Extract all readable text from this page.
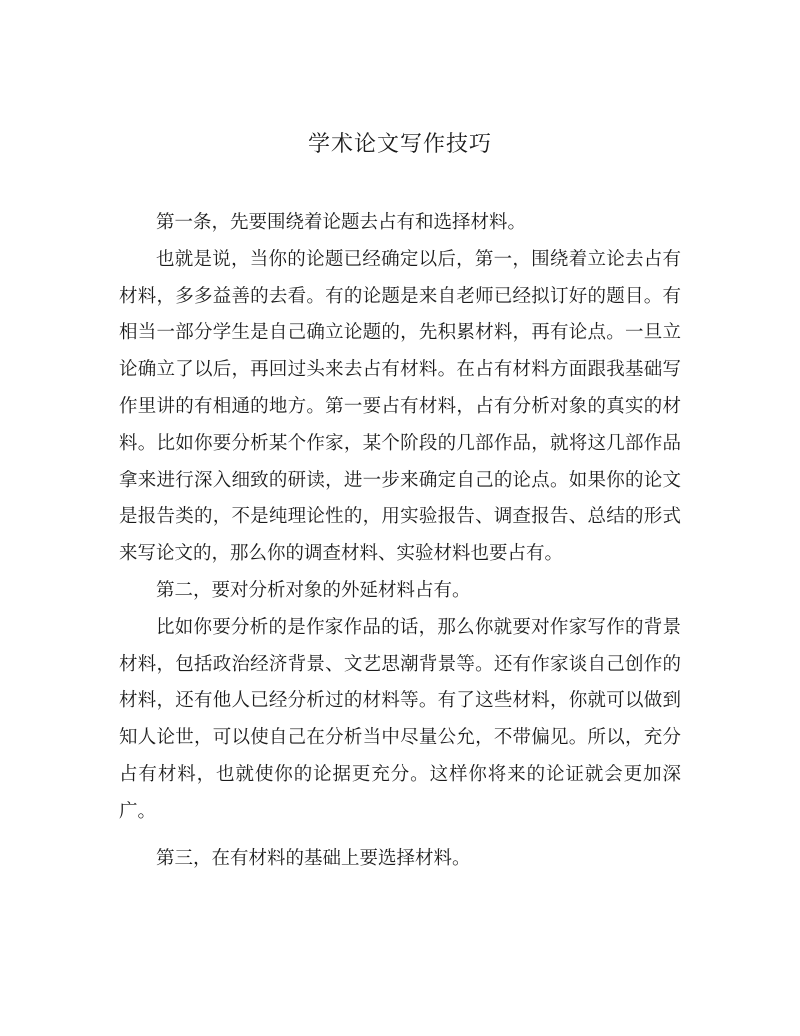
学术论文写作技巧

第一条，先要围绕着论题去占有和选择材料。

也就是说，当你的论题已经确定以后，第一，围绕着立论去占有材料，多多益善的去看。有的论题是来自老师已经拟订好的题目。有相当一部分学生是自己确立论题的，先积累材料，再有论点。一旦立论确立了以后，再回过头来去占有材料。在占有材料方面跟我基础写作里讲的有相通的地方。第一要占有材料，占有分析对象的真实的材料。比如你要分析某个作家，某个阶段的几部作品，就将这几部作品拿来进行深入细致的研读，进一步来确定自己的论点。如果你的论文是报告类的，不是纯理论性的，用实验报告、调查报告、总结的形式来写论文的，那么你的调查材料、实验材料也要占有。

第二，要对分析对象的外延材料占有。

比如你要分析的是作家作品的话，那么你就要对作家写作的背景材料，包括政治经济背景、文艺思潮背景等。还有作家谈自己创作的材料，还有他人已经分析过的材料等。有了这些材料，你就可以做到知人论世，可以使自己在分析当中尽量公允，不带偏见。所以，充分占有材料，也就使你的论据更充分。这样你将来的论证就会更加深广。

第三，在有材料的基础上要选择材料。
